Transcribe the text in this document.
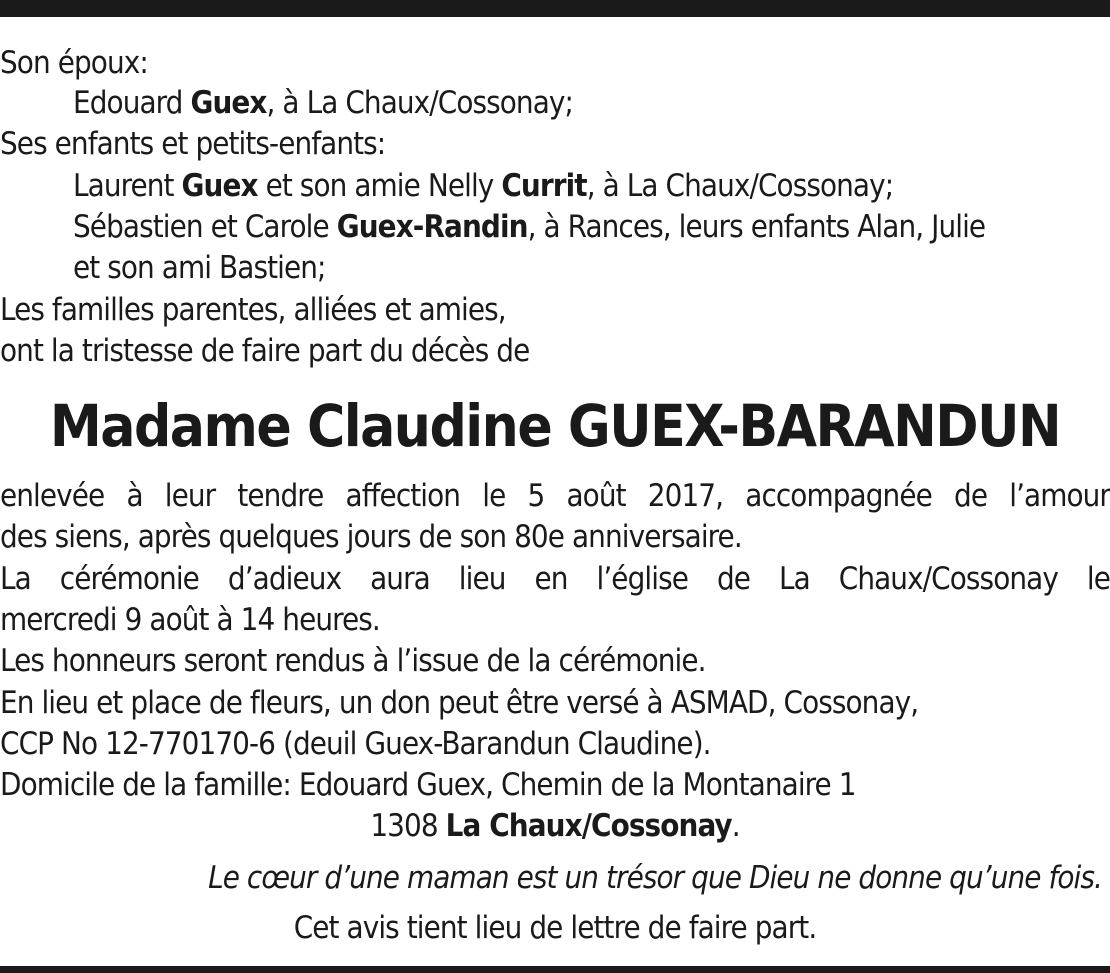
Son époux:
Edouard Guex, à La Chaux/Cossonay;
Ses enfants et petits-enfants:
Laurent Guex et son amie Nelly Currit, à La Chaux/Cossonay;
Sébastien et Carole Guex-Randin, à Rances, leurs enfants Alan, Julie
et son ami Bastien;
Les familles parentes, alliées et amies,
ont la tristesse de faire part du décès de
Madame Claudine GUEX-BARANDUN
enlevée à leur tendre affection le 5 août 2017, accompagnée de l’amour
des siens, après quelques jours de son 80e anniversaire.
La cérémonie d’adieux aura lieu en l’église de La Chaux/Cossonay le
mercredi 9 août à 14 heures.
Les honneurs seront rendus à l’issue de la cérémonie.
En lieu et place de fleurs, un don peut être versé à ASMAD, Cossonay,
CCP No 12-770170-6 (deuil Guex-Barandun Claudine).
Domicile de la famille: Edouard Guex, Chemin de la Montanaire 1
1308 La Chaux/Cossonay.
Le cœur d’une maman est un trésor que Dieu ne donne qu’une fois.
Cet avis tient lieu de lettre de faire part.
